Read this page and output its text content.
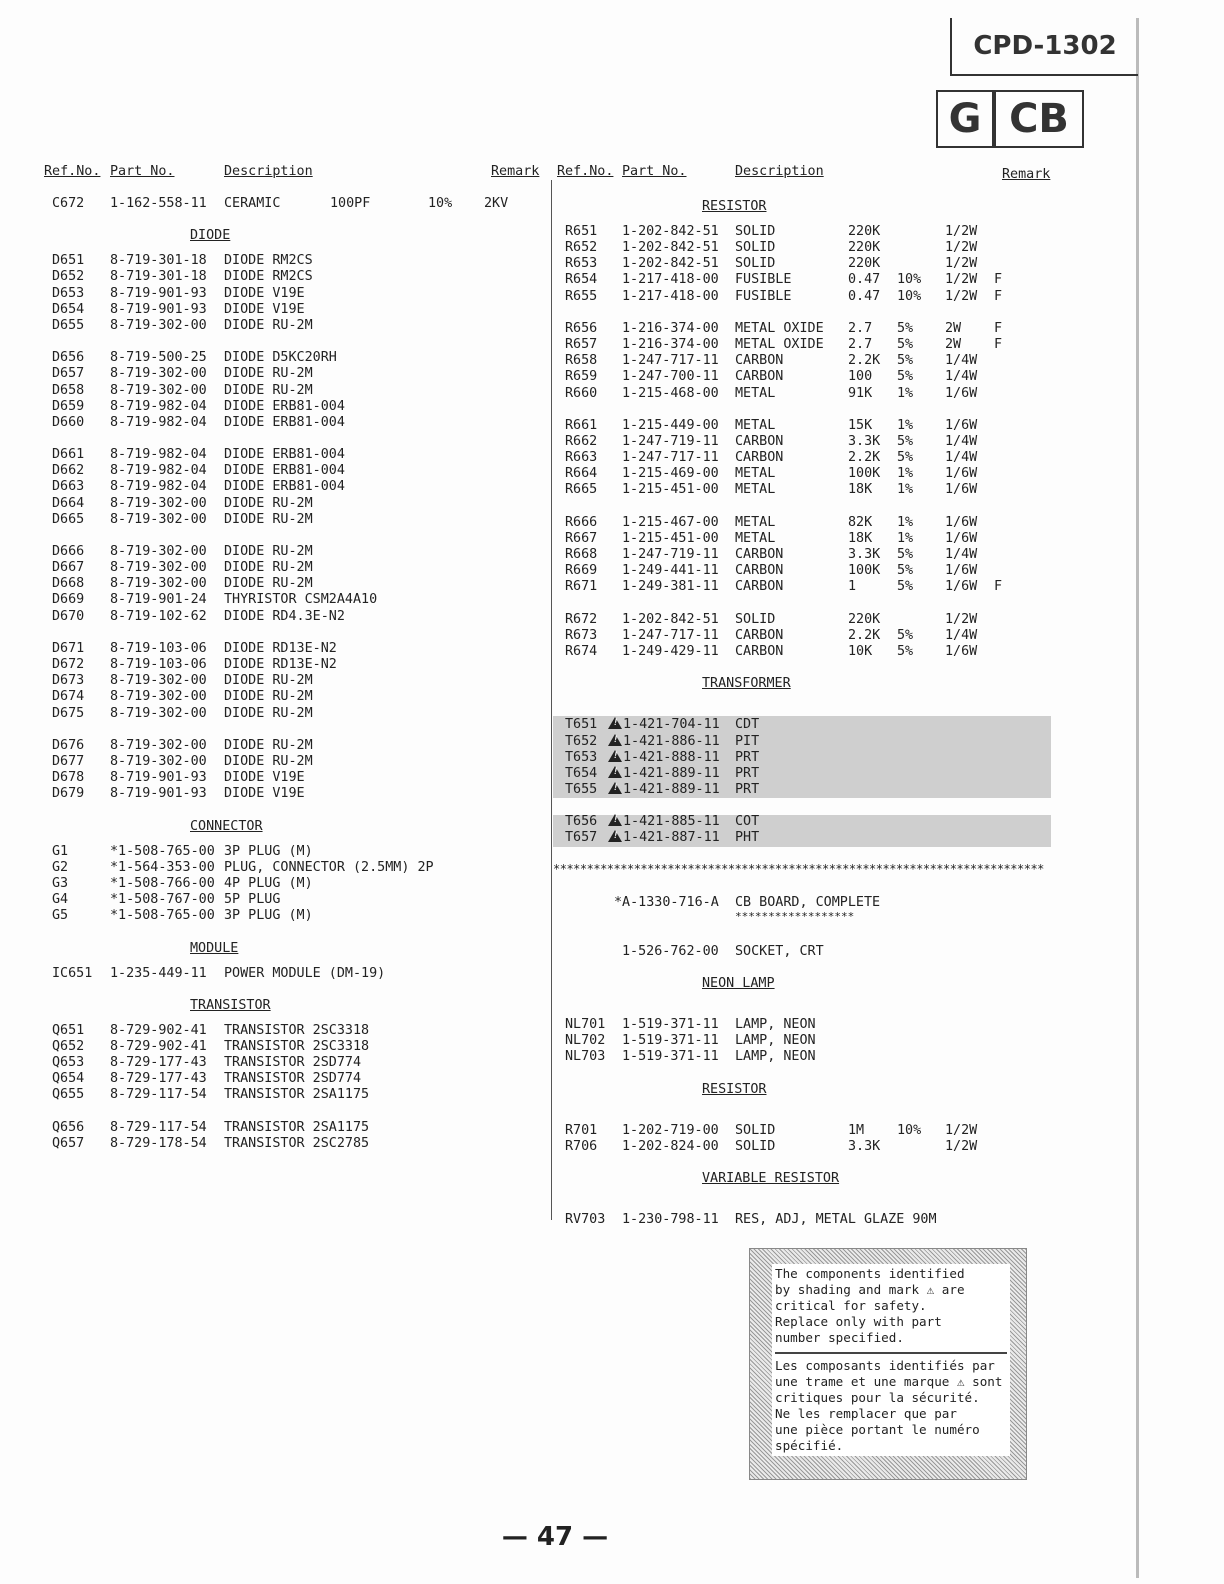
CPD-1302
G CB
Ref.No. Part No.	Description	Remark Ref.No. Part No.	Description	Remark
C672 1-162-558-11 CERAMIC	100PF	10% 2KV
DIODE
D651 8-719-301-18 DIODE RM2CS
D652 8-719-301-18 DIODE RM2CS
D653 8-719-901-93 DIODE V19E
D654 8-719-901-93 DIODE V19E
D655 8-719-302-00 DIODE RU-2M
D656 8-719-500-25 DIODE D5KC20RH
D657 8-719-302-00 DIODE RU-2M
D658 8-719-302-00 DIODE RU-2M
D659 8-719-982-04 DIODE ERB81-004
D660 8-719-982-04 DIODE ERB81-004
D661 8-719-982-04 DIODE ERB81-004
D662 8-719-982-04 DIODE ERB81-004
D663 8-719-982-04 DIODE ERB81-004
D664 8-719-302-00 DIODE RU-2M
D665 8-719-302-00 DIODE RU-2M
D666 8-719-302-00 DIODE RU-2M
D667 8-719-302-00 DIODE RU-2M
D668 8-719-302-00 DIODE RU-2M
D669 8-719-901-24 THYRISTOR CSM2A4A10
D670 8-719-102-62 DIODE RD4.3E-N2
D671 8-719-103-06 DIODE RD13E-N2
D672 8-719-103-06 DIODE RD13E-N2
D673 8-719-302-00 DIODE RU-2M
D674 8-719-302-00 DIODE RU-2M
D675 8-719-302-00 DIODE RU-2M
D676 8-719-302-00 DIODE RU-2M
D677 8-719-302-00 DIODE RU-2M
D678 8-719-901-93 DIODE V19E
D679 8-719-901-93 DIODE V19E
CONNECTOR
G1	*1-508-765-00 3P PLUG (M)
G2	*1-564-353-00 PLUG, CONNECTOR (2.5MM) 2P
G3	*1-508-766-00 4P PLUG (M)
G4	*1-508-767-00 5P PLUG
G5	*1-508-765-00 3P PLUG (M)
MODULE
IC651 1-235-449-11 POWER MODULE (DM-19)
TRANSISTOR
Q651 8-729-902-41 TRANSISTOR 2SC3318
Q652 8-729-902-41 TRANSISTOR 2SC3318
Q653 8-729-177-43 TRANSISTOR 2SD774
Q654 8-729-177-43 TRANSISTOR 2SD774
Q655 8-729-117-54 TRANSISTOR 2SA1175
Q656 8-729-117-54 TRANSISTOR 2SA1175
Q657 8-729-178-54 TRANSISTOR 2SC2785
RESISTOR
R651 1-202-842-51 SOLID	220K	1/2W
R652 1-202-842-51 SOLID	220K	1/2W
R653 1-202-842-51 SOLID	220K	1/2W
R654 1-217-418-00 FUSIBLE	0.47 10% 1/2W F
R655 1-217-418-00 FUSIBLE	0.47 10% 1/2W F
R656 1-216-374-00 METAL OXIDE 2.7 5% 2W F
R657 1-216-374-00 METAL OXIDE 2.7 5% 2W F
R658 1-247-717-11 CARBON	2.2K 5% 1/4W
R659 1-247-700-11 CARBON	100 5% 1/4W
R660 1-215-468-00 METAL	91K 1% 1/6W
R661 1-215-449-00 METAL	15K 1% 1/6W
R662 1-247-719-11 CARBON	3.3K 5% 1/4W
R663 1-247-717-11 CARBON	2.2K 5% 1/4W
R664 1-215-469-00 METAL	100K 1% 1/6W
R665 1-215-451-00 METAL	18K 1% 1/6W
R666 1-215-467-00 METAL	82K 1% 1/6W
R667 1-215-451-00 METAL	18K 1% 1/6W
R668 1-247-719-11 CARBON	3.3K 5% 1/4W
R669 1-249-441-11 CARBON	100K 5% 1/6W
R671 1-249-381-11 CARBON	1	5% 1/6W F
R672 1-202-842-51 SOLID	220K	1/2W
R673 1-247-717-11 CARBON	2.2K 5% 1/4W
R674 1-249-429-11 CARBON	10K 5% 1/6W
TRANSFORMER
T651 !	1-421-704-11 CDT
T652 !	1-421-886-11 PIT
T653 !	1-421-888-11 PRT
T654 !	1-421-889-11 PRT
T655 !	1-421-889-11 PRT
T656 !	1-421-885-11 COT
T657 !	1-421-887-11 PHT
*A-1330-716-A CB BOARD, COMPLETE
******************
1-526-762-00 SOCKET, CRT
NEON LAMP
NL701 1-519-371-11 LAMP, NEON
NL702 1-519-371-11 LAMP, NEON
NL703 1-519-371-11 LAMP, NEON
RESISTOR
R701 1-202-719-00 SOLID	1M 10% 1/2W
R706 1-202-824-00 SOLID	3.3K	1/2W
VARIABLE RESISTOR
RV703 1-230-798-11 RES, ADJ, METAL GLAZE 90M
*************************************************************************

The components identified
by shading and mark ⚠ are
critical for safety.
Replace only with part
number specified.

Les composants identifiés par
une trame et une marque ⚠ sont
critiques pour la sécurité.
Ne les remplacer que par
une pièce portant le numéro
spécifié.

— 47 —
